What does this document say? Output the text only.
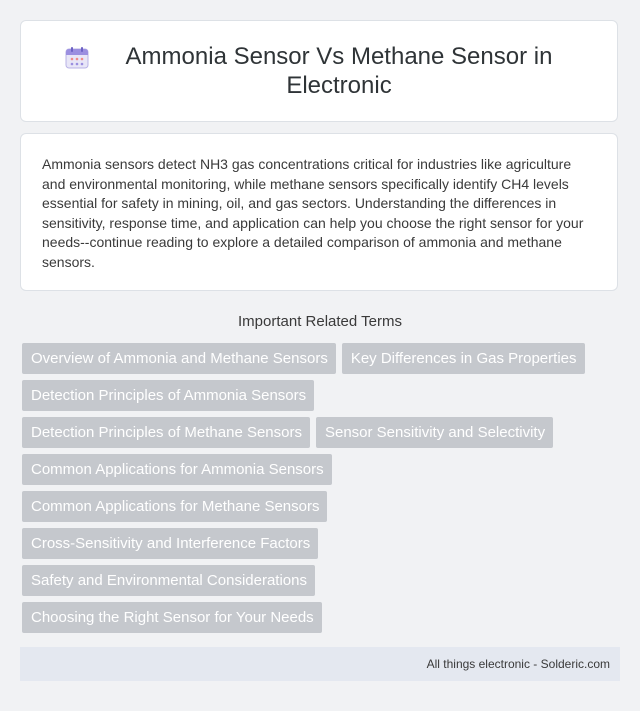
Ammonia Sensor Vs Methane Sensor in Electronic

Ammonia sensors detect NH3 gas concentrations critical for industries like agriculture and environmental monitoring, while methane sensors specifically identify CH4 levels essential for safety in mining, oil, and gas sectors. Understanding the differences in sensitivity, response time, and application can help you choose the right sensor for your needs--continue reading to explore a detailed comparison of ammonia and methane sensors.

Important Related Terms
Overview of Ammonia and Methane Sensors	Key Differences in Gas Properties
Detection Principles of Ammonia Sensors
Detection Principles of Methane Sensors	Sensor Sensitivity and Selectivity
Common Applications for Ammonia Sensors
Common Applications for Methane Sensors
Cross-Sensitivity and Interference Factors
Safety and Environmental Considerations
Choosing the Right Sensor for Your Needs
All things electronic - Solderic.com
